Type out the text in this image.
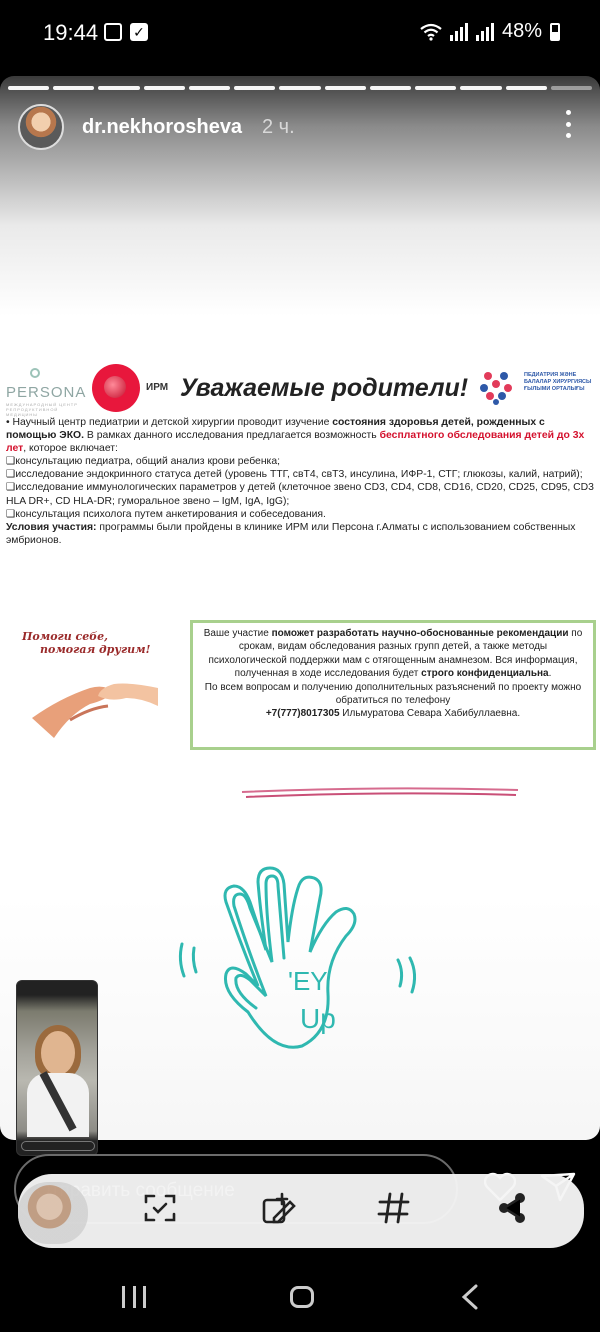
19:44	✓	48%
dr.nekhorosheva 2 ч.
PERSONA
МЕЖДУНАРОДНЫЙ ЦЕНТР РЕПРОДУКТИВНОЙ МЕДИЦИНЫ
ИРМ Уважаемые родители!	ПЕДИАТРИЯ ЖӘНЕ БАЛАЛАР ХИРУРГИЯСЫ ҒЫЛЫМИ ОРТАЛЫҒЫ

• Научный центр педиатрии и детской хирургии проводит изучение состояния здоровья детей, рожденных с помощью ЭКО. В рамках данного исследования предлагается возможность бесплатного обследования детей до 3х лет, которое включает:

❑консультацию педиатра, общий анализ крови ребенка;

❑исследование эндокринного статуса детей (уровень ТТГ, свТ4, свТ3, инсулина, ИФР-1, СТГ; глюкозы, калий, натрий);

❑исследование иммунологических параметров у детей (клеточное звено CD3, CD4, CD8, CD16, CD20, CD25, CD95, CD3 HLA DR+, CD HLA-DR; гуморальное звено – IgM, IgA, IgG);

❑консультация психолога путем анкетирования и собеседования.

Условия участия: программы были пройдены в клинике ИРМ или Персона г.Алматы с использованием собственных эмбрионов.

Помоги себе,
помогая другим!

Ваше участие поможет разработать научно-обоснованные рекомендации по срокам, видам обследования разных групп детей, а также методы психологической поддержки мам с отягощенным анамнезом. Вся информация, полученная в ходе исследования будет строго конфиденциальна.

По всем вопросам и получению дополнительных разъяснений по проекту можно обратиться по телефону

+7(777)8017305 Ильмуратова Севара Хабибуллаевна.

'EY
Up
